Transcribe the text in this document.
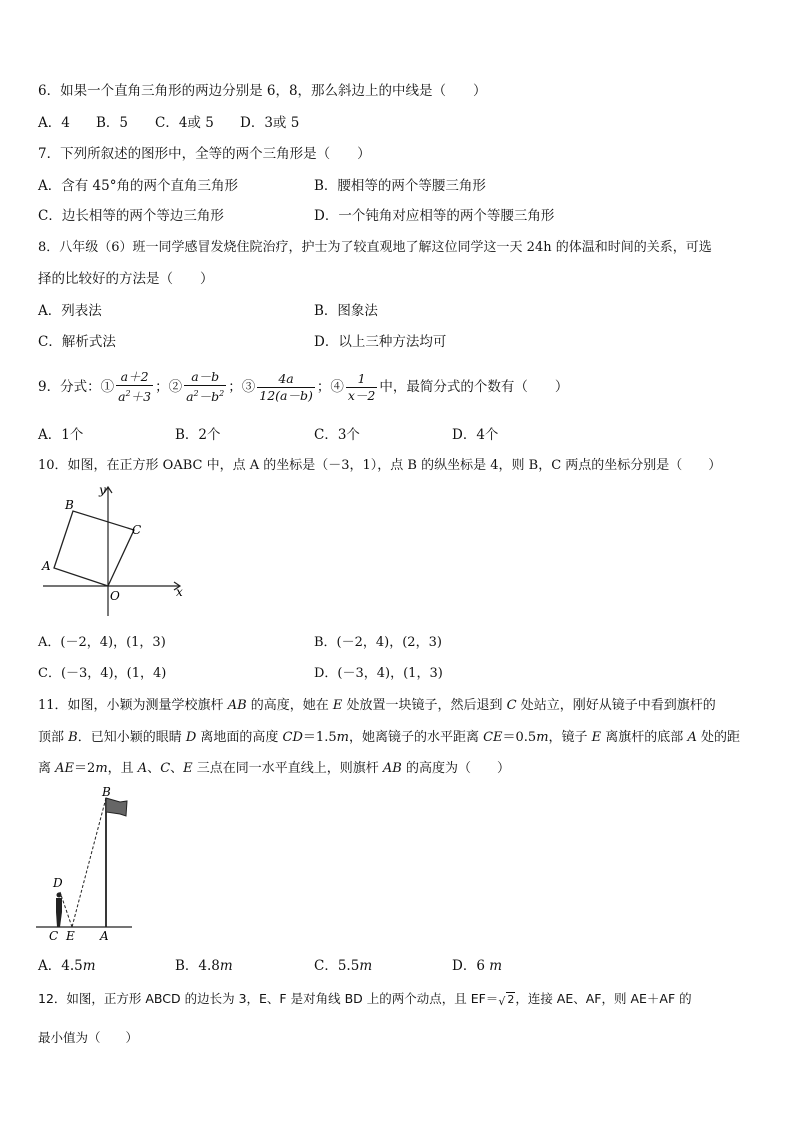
6．如果一个直角三角形的两边分别是 6，8，那么斜边上的中线是（　　）
A．4 B．5 C．4或 5 D．3或 5
7．下列所叙述的图形中，全等的两个三角形是（　　）
A．含有 45°角的两个直角三角形	B．腰相等的两个等腰三角形
C．边长相等的两个等边三角形	D．一个钝角对应相等的两个等腰三角形
8．八年级（6）班一同学感冒发烧住院治疗，护士为了较直观地了解这位同学这一天 24h 的体温和时间的关系，可选
择的比较好的方法是（　　）
A．列表法	B．图象法
C．解析式法	D．以上三种方法均可
9．分式：① $\frac{a+2}{a^2+3}$ ；② $\frac{a-b}{a^2-b^2}$ ；③ $\frac{4a}{12(a-b)}$ ；④ $\frac{1}{x-2}$ 中，最简分式的个数有（　　）
A．1个	B．2个	C．3个	D．4个
10．如图，在正方形 OABC 中，点 A 的坐标是（－3，1），点 B 的纵坐标是 4，则 B，C 两点的坐标分别是（　　）
y
B
C
A
O	x
A．(－2，4)，(1，3)	B．(－2，4)，(2，3)
C．(－3，4)，(1，4)	D．(－3，4)，(1，3)
11．如图，小颖为测量学校旗杆 AB 的高度，她在 E 处放置一块镜子，然后退到 C 处站立，刚好从镜子中看到旗杆的
顶部 B．已知小颖的眼睛 D 离地面的高度 CD＝1.5m，她离镜子的水平距离 CE＝0.5m，镜子 E 离旗杆的底部 A 处的距
离 AE＝2m，且 A、C、E 三点在同一水平直线上，则旗杆 AB 的高度为（　　）
B
D
C E A
A．4.5m	B．4.8m	C．5.5m	D．6 m
12．如图，正方形 ABCD 的边长为 3，E、F 是对角线 BD 上的两个动点，且 EF＝ √ 2，连接 AE、AF，则 AE＋AF 的
最小值为（　　）
